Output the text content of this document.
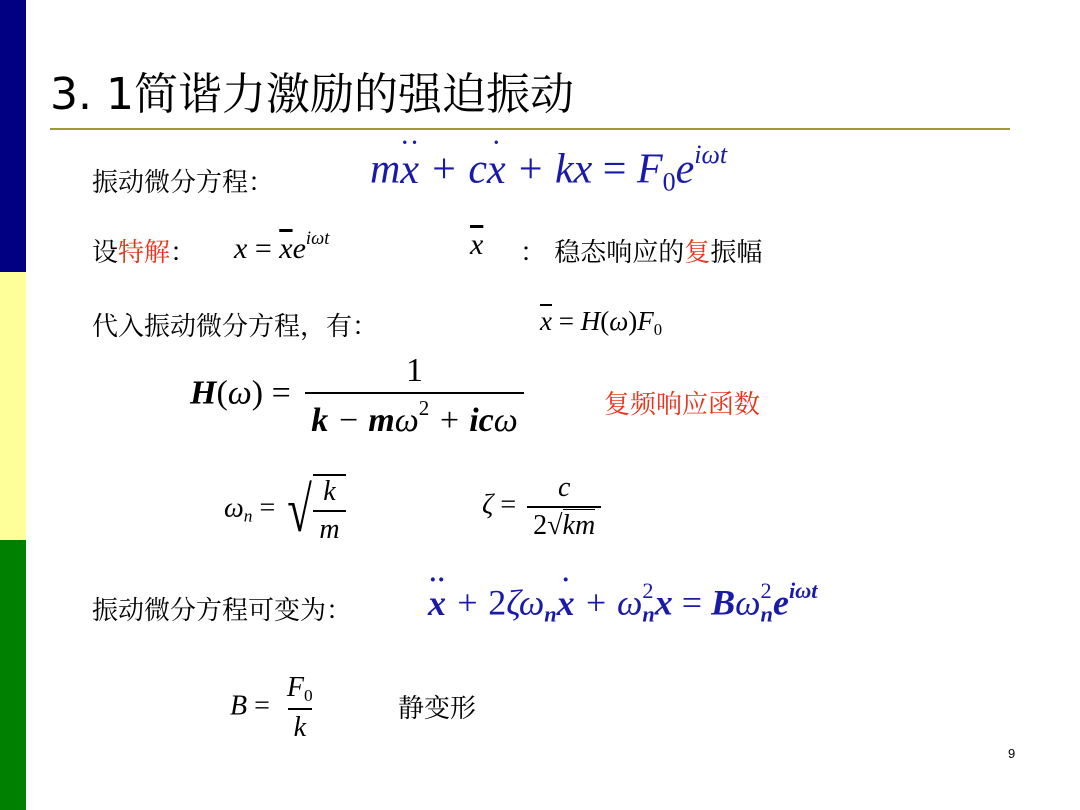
3. 1简谐力激励的强迫振动
振动微分方程： m·· x + c· x + kx = $F0e^{i\omega t}$
设特解： $x = \overline{x}e^{i\omega t}$	$\overline{x}$ ： 稳态响应的复振幅
代入振动微分方程，有：	$\overline{x} = H(\omega)F0$
$H(\omega) = \frac{1}{k - m\omega^2 + ic\omega}$	复频响应函数
ωn = √ $\frac{k}{m}$	$\zeta = \frac{c}{2√km}$
振动微分方程可变为： ·· $x + 2\zeta\omega n\cdot x + \omega^2nx = B\omega^2ne^{i\omega t}$
$B = \frac{F0}{k}$	静变形
9
